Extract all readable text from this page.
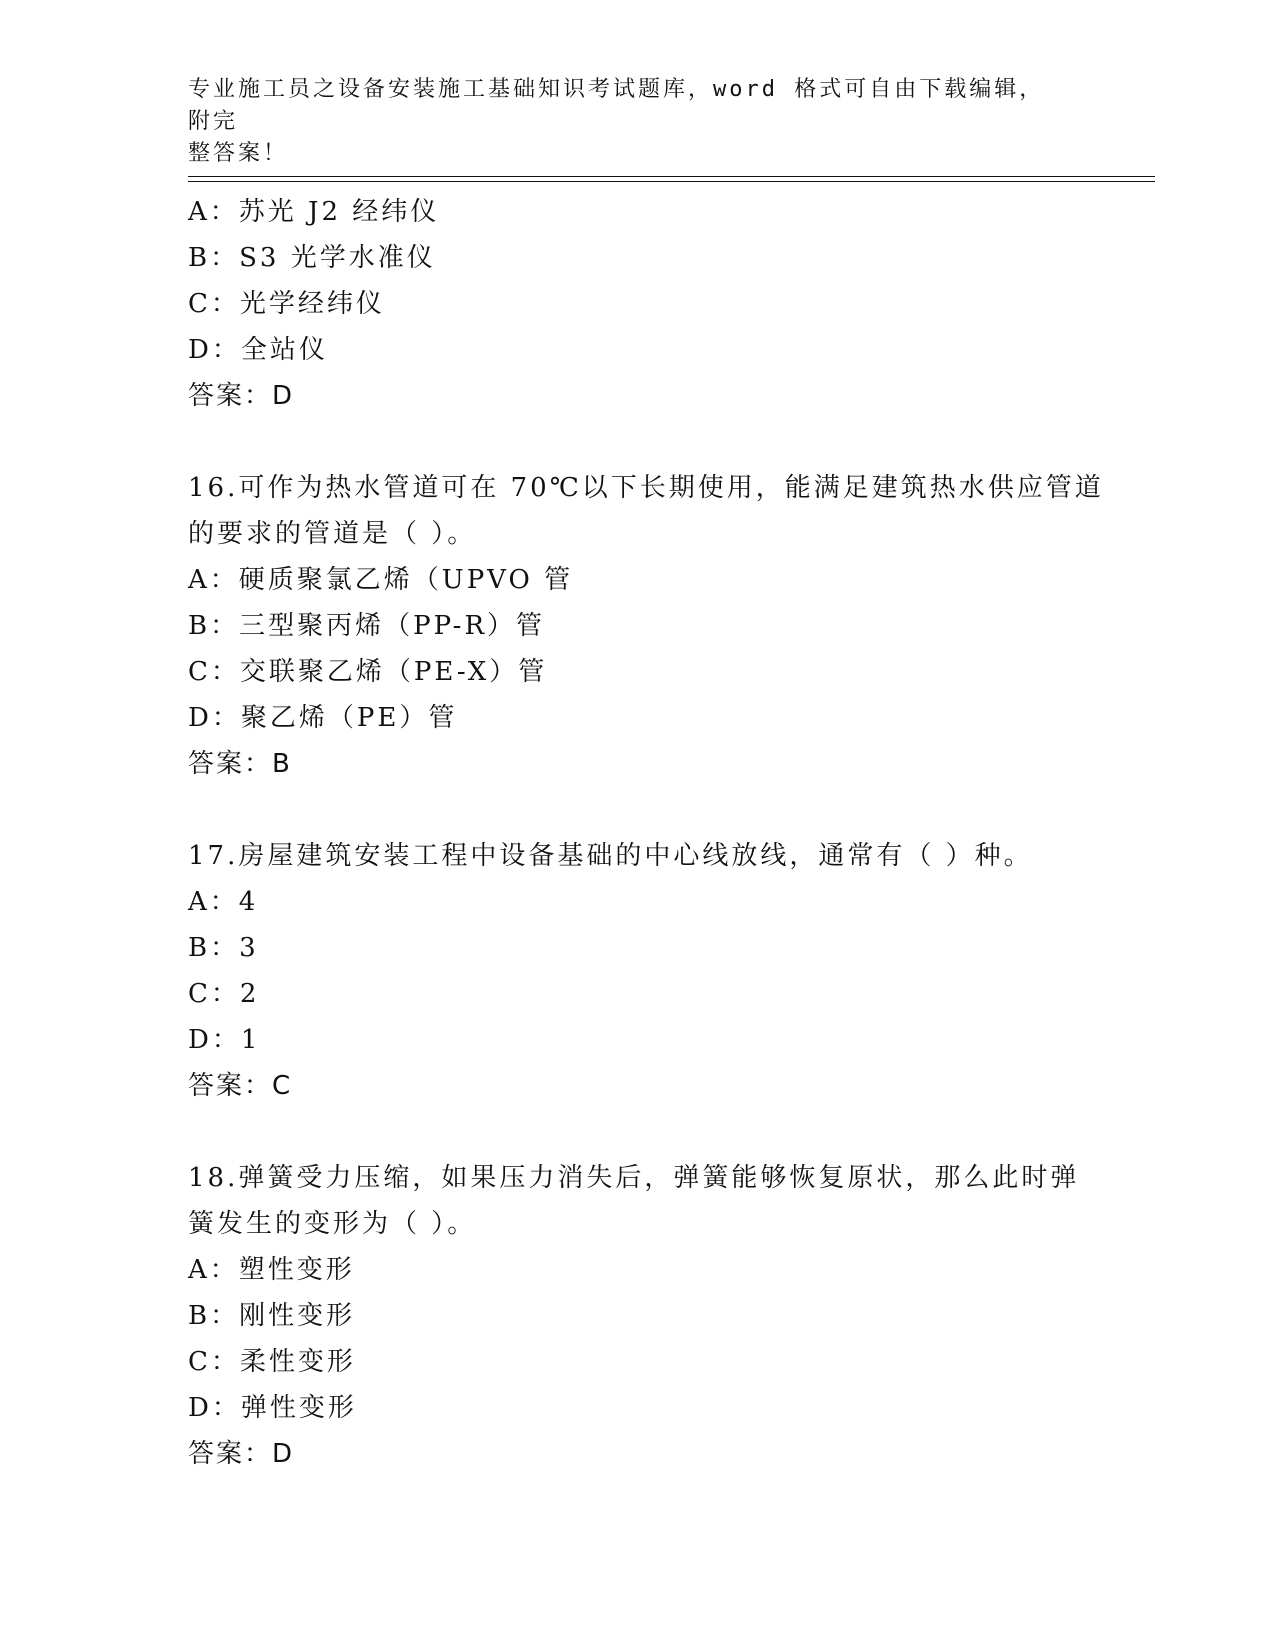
专业施工员之设备安装施工基础知识考试题库，word 格式可自由下载编辑，附完
整答案！
A：苏光 J2 经纬仪
B：S3 光学水准仪
C：光学经纬仪
D：全站仪
答案：D
16.可作为热水管道可在 70℃以下长期使用，能满足建筑热水供应管道
的要求的管道是（ ）。
A：硬质聚氯乙烯（UPVO 管
B：三型聚丙烯（PP-R）管
C：交联聚乙烯（PE-X）管
D：聚乙烯（PE）管
答案：B
17.房屋建筑安装工程中设备基础的中心线放线，通常有（ ）种。
A：4
B：3
C：2
D：1
答案：C
18.弹簧受力压缩，如果压力消失后，弹簧能够恢复原状，那么此时弹
簧发生的变形为（ ）。
A：塑性变形
B：刚性变形
C：柔性变形
D：弹性变形
答案：D
